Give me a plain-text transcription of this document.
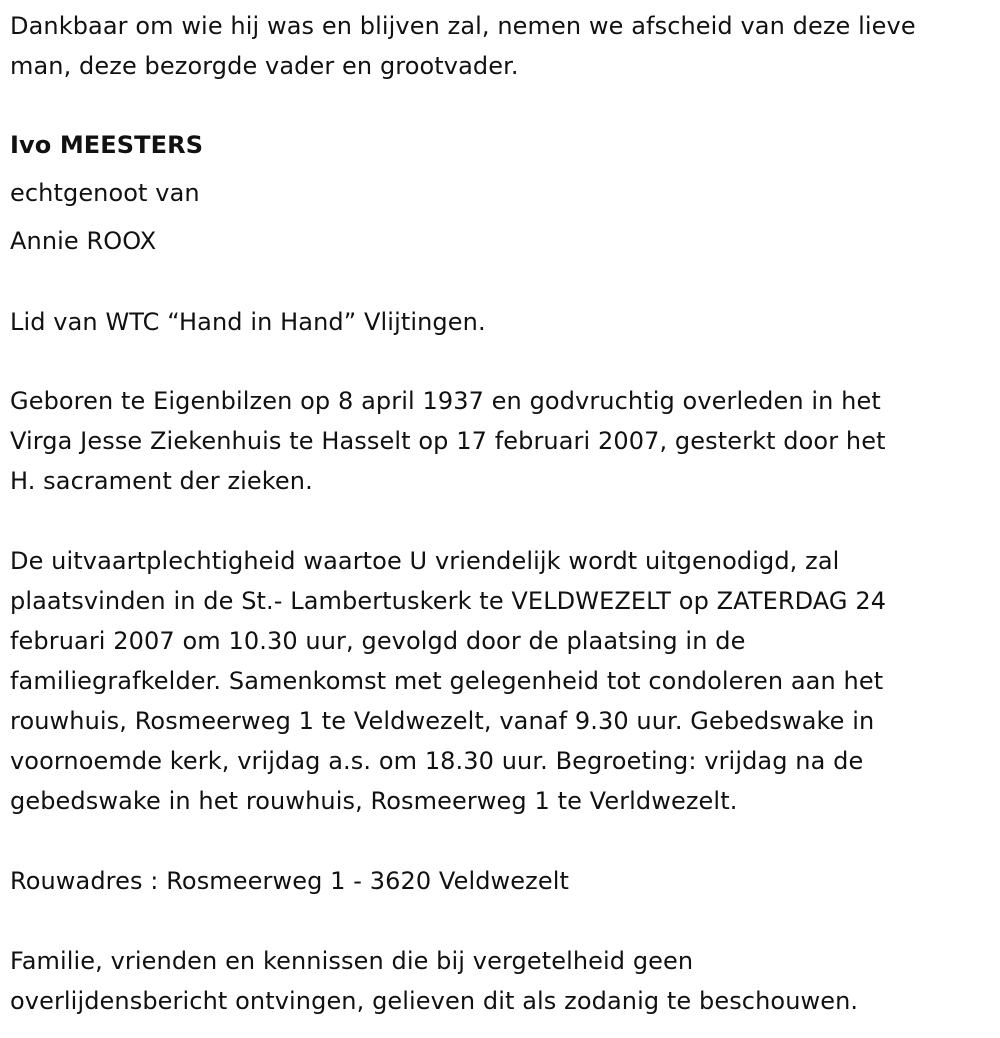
Dankbaar om wie hij was en blijven zal, nemen we afscheid van deze lieve
man, deze bezorgde vader en grootvader.

Ivo MEESTERS

echtgenoot van

Annie ROOX

Lid van WTC “Hand in Hand” Vlijtingen.

Geboren te Eigenbilzen op 8 april 1937 en godvruchtig overleden in het
Virga Jesse Ziekenhuis te Hasselt op 17 februari 2007, gesterkt door het
H. sacrament der zieken.

De uitvaartplechtigheid waartoe U vriendelijk wordt uitgenodigd, zal
plaatsvinden in de St.- Lambertuskerk te VELDWEZELT op ZATERDAG 24
februari 2007 om 10.30 uur, gevolgd door de plaatsing in de
familiegrafkelder. Samenkomst met gelegenheid tot condoleren aan het
rouwhuis, Rosmeerweg 1 te Veldwezelt, vanaf 9.30 uur. Gebedswake in
voornoemde kerk, vrijdag a.s. om 18.30 uur. Begroeting: vrijdag na de
gebedswake in het rouwhuis, Rosmeerweg 1 te Verldwezelt.

Rouwadres : Rosmeerweg 1 - 3620 Veldwezelt

Familie, vrienden en kennissen die bij vergetelheid geen
overlijdensbericht ontvingen, gelieven dit als zodanig te beschouwen.
